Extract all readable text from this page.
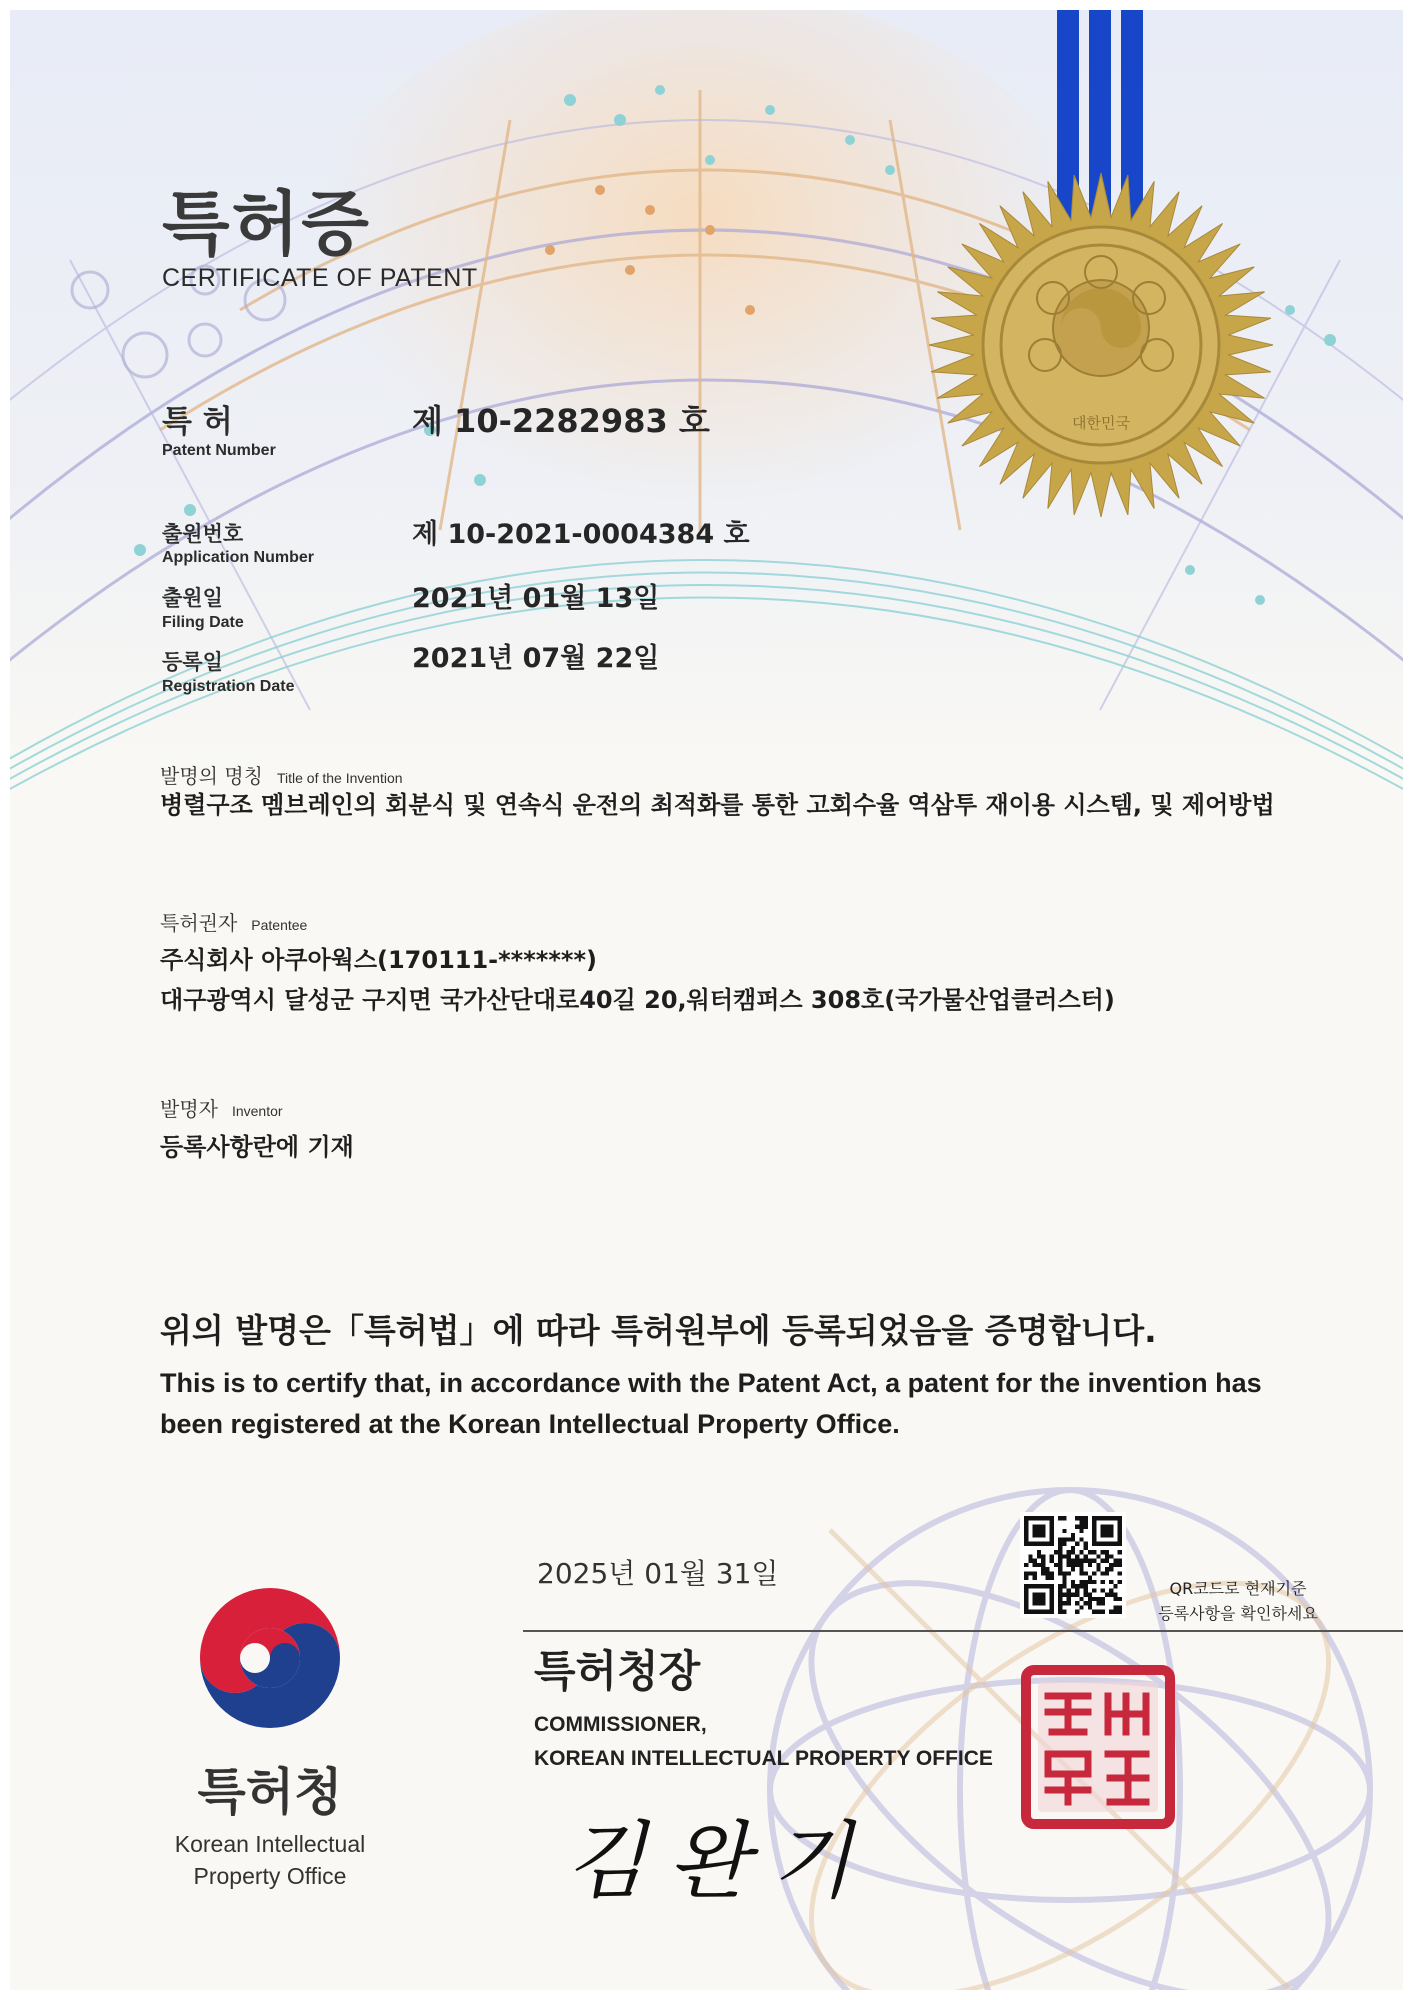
대한민국
특허증
CERTIFICATE OF PATENT
특 허
Patent Number
제 10-2282983 호
출원번호
Application Number
제 10-2021-0004384 호
출원일
Filing Date
2021년 01월 13일
등록일
Registration Date
2021년 07월 22일
발명의 명칭 Title of the Invention
병렬구조 멤브레인의 회분식 및 연속식 운전의 최적화를 통한 고회수율 역삼투 재이용 시스템, 및 제어방법
특허권자 Patentee
주식회사 아쿠아웍스(170111-*******)
대구광역시 달성군 구지면 국가산단대로40길 20,워터캠퍼스 308호(국가물산업클러스터)
발명자 Inventor
등록사항란에 기재
위의 발명은「특허법」에 따라 특허원부에 등록되었음을 증명합니다.
This is to certify that, in accordance with the Patent Act, a patent for the invention has been registered at the Korean Intellectual Property Office.
특허청
Korean Intellectual Property Office
2025년 01월 31일
특허청장
COMMISSIONER,
KOREAN INTELLECTUAL PROPERTY OFFICE
김완기
QR코드로 현재기준
등록사항을 확인하세요
